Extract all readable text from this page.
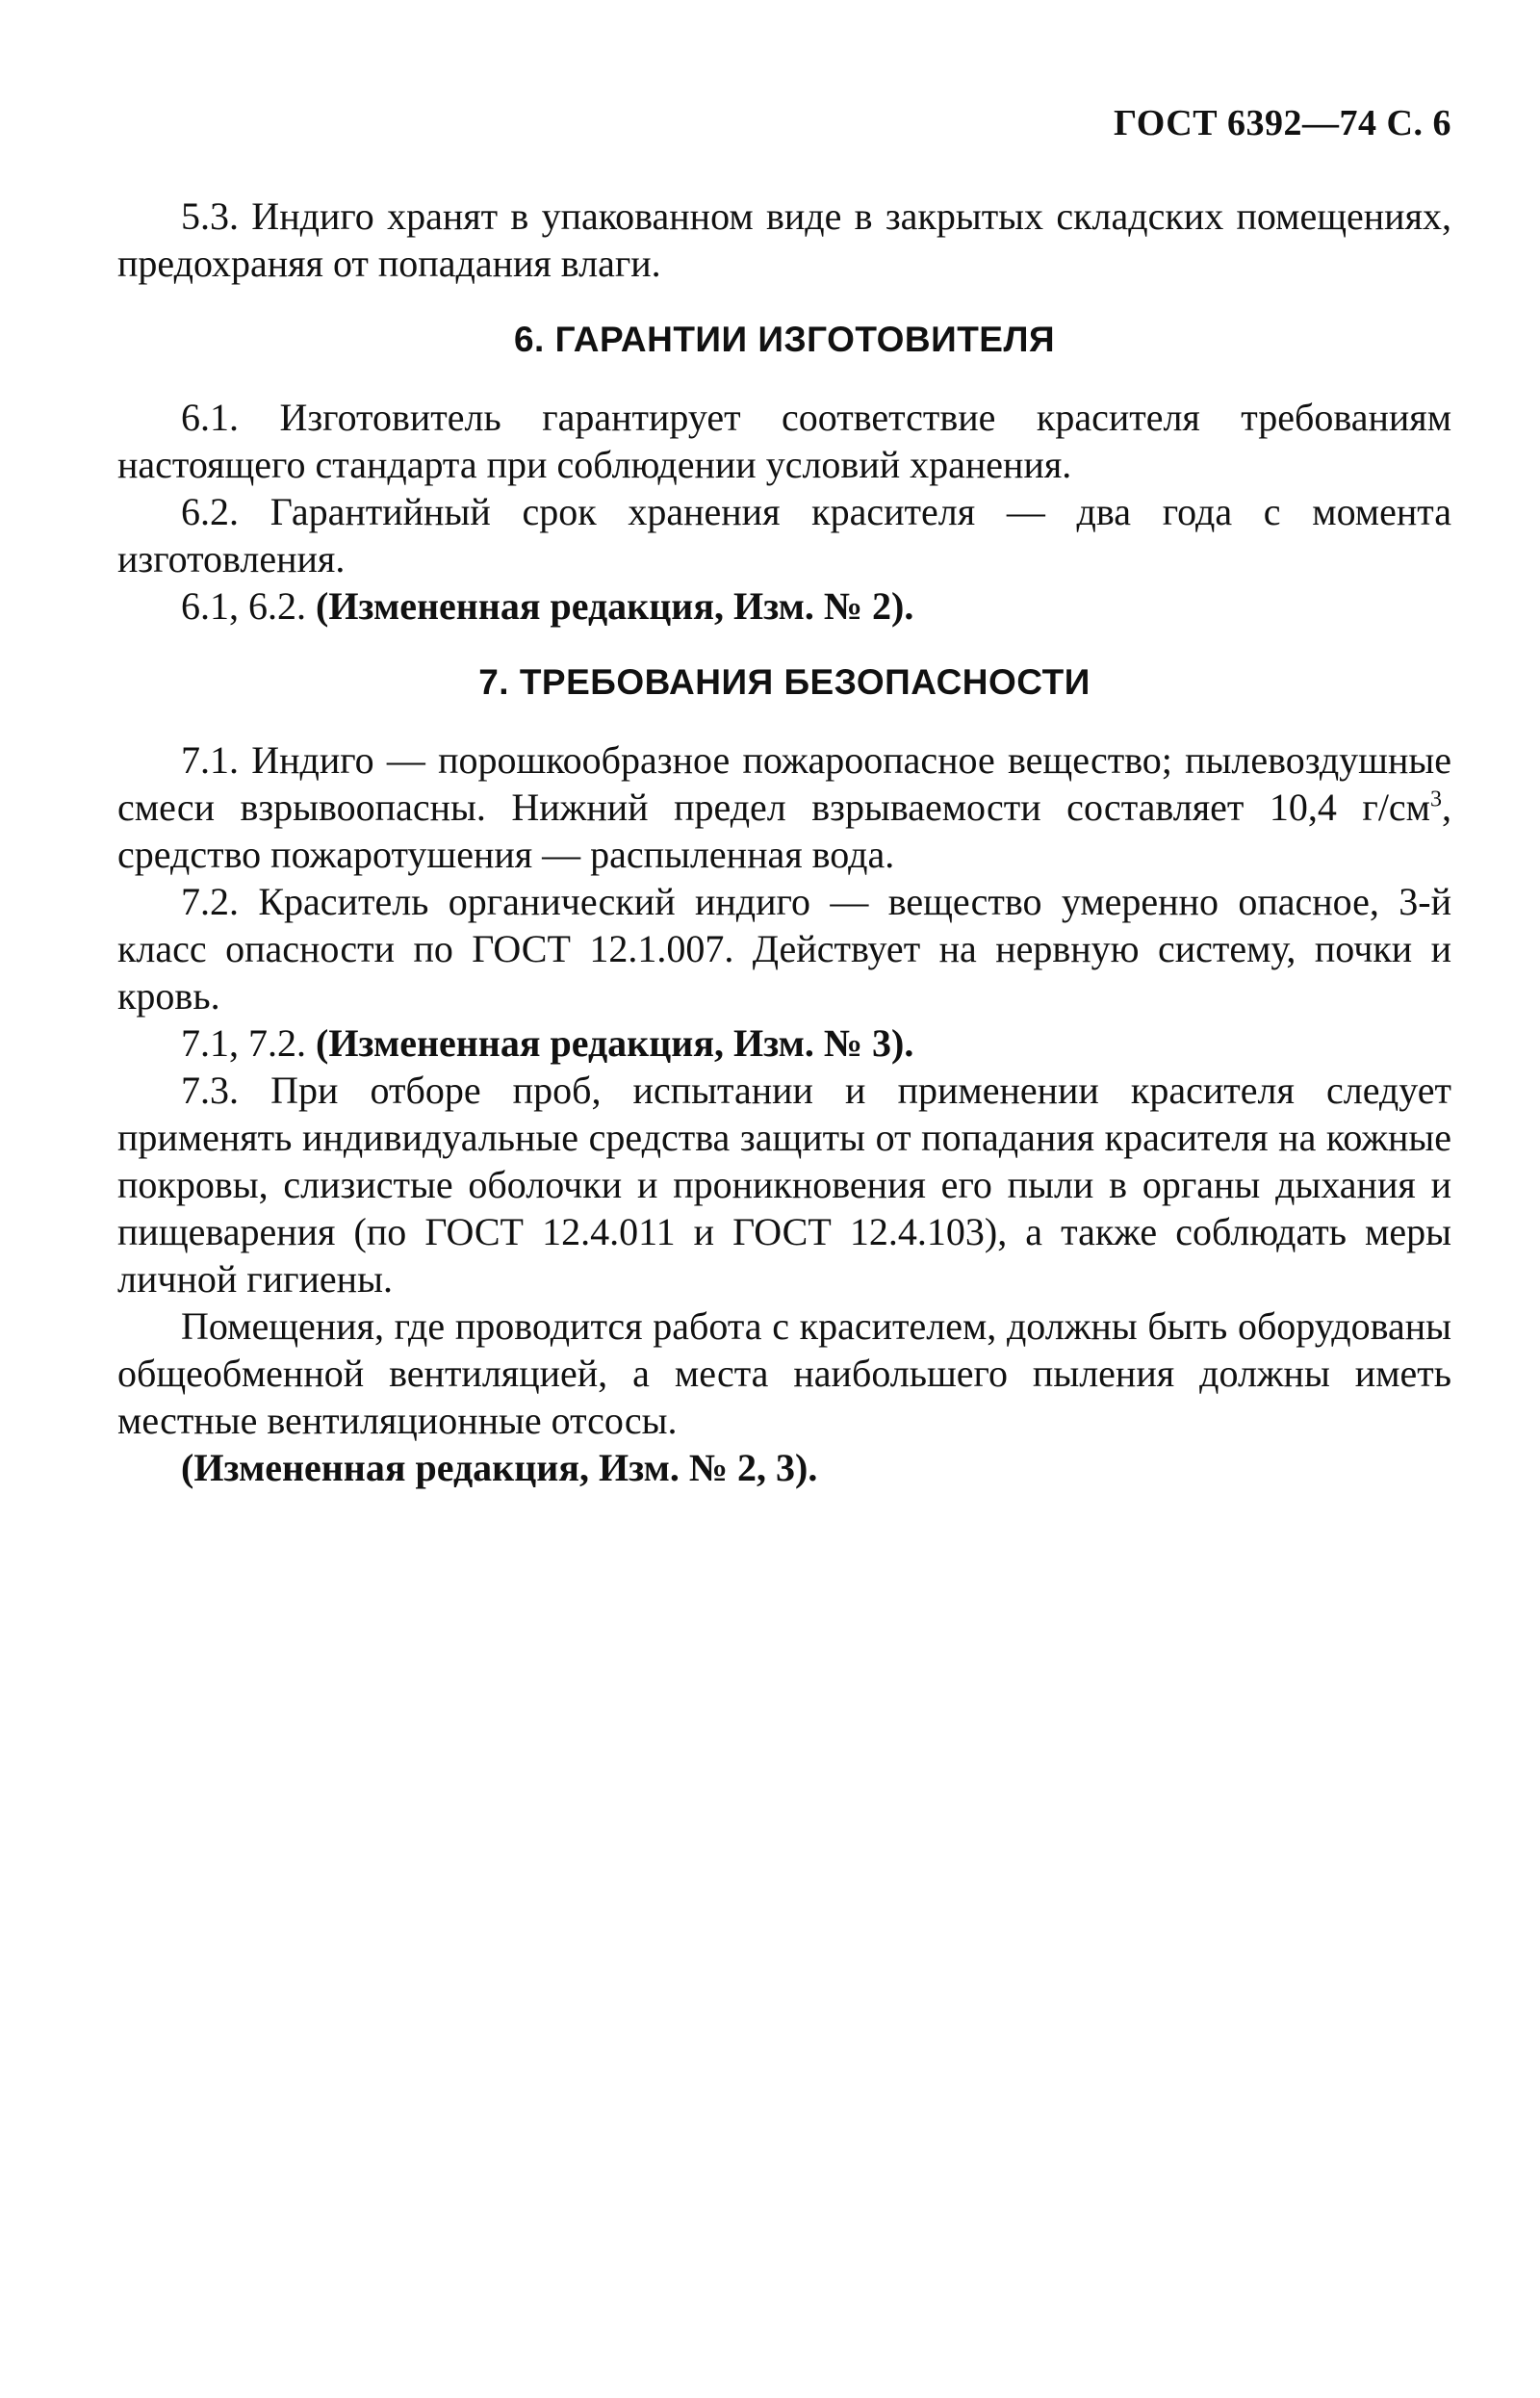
ГОСТ 6392—74 С. 6

5.3. Индиго хранят в упакованном виде в закрытых складских помещениях, предохраняя от попадания влаги.

6. ГАРАНТИИ ИЗГОТОВИТЕЛЯ

6.1. Изготовитель гарантирует соответствие красителя требованиям настоящего стандарта при соблюдении условий хранения.

6.2. Гарантийный срок хранения красителя — два года с момента изготовления.

6.1, 6.2. (Измененная редакция, Изм. № 2).

7. ТРЕБОВАНИЯ БЕЗОПАСНОСТИ

7.1. Индиго — порошкообразное пожароопасное вещество; пылевоздушные смеси взрывоопасны. Нижний предел взрываемости составляет 10,4 $г/см^3$, средство пожаротушения — распыленная вода.

7.2. Краситель органический индиго — вещество умеренно опасное, 3-й класс опасности по ГОСТ 12.1.007. Действует на нервную систему, почки и кровь.

7.1, 7.2. (Измененная редакция, Изм. № 3).

7.3. При отборе проб, испытании и применении красителя следует применять индивидуальные средства защиты от попадания красителя на кожные покровы, слизистые оболочки и проникновения его пыли в органы дыхания и пищеварения (по ГОСТ 12.4.011 и ГОСТ 12.4.103), а также соблюдать меры личной гигиены.

Помещения, где проводится работа с красителем, должны быть оборудованы общеобменной вентиляцией, а места наибольшего пыления должны иметь местные вентиляционные отсосы.

(Измененная редакция, Изм. № 2, 3).
